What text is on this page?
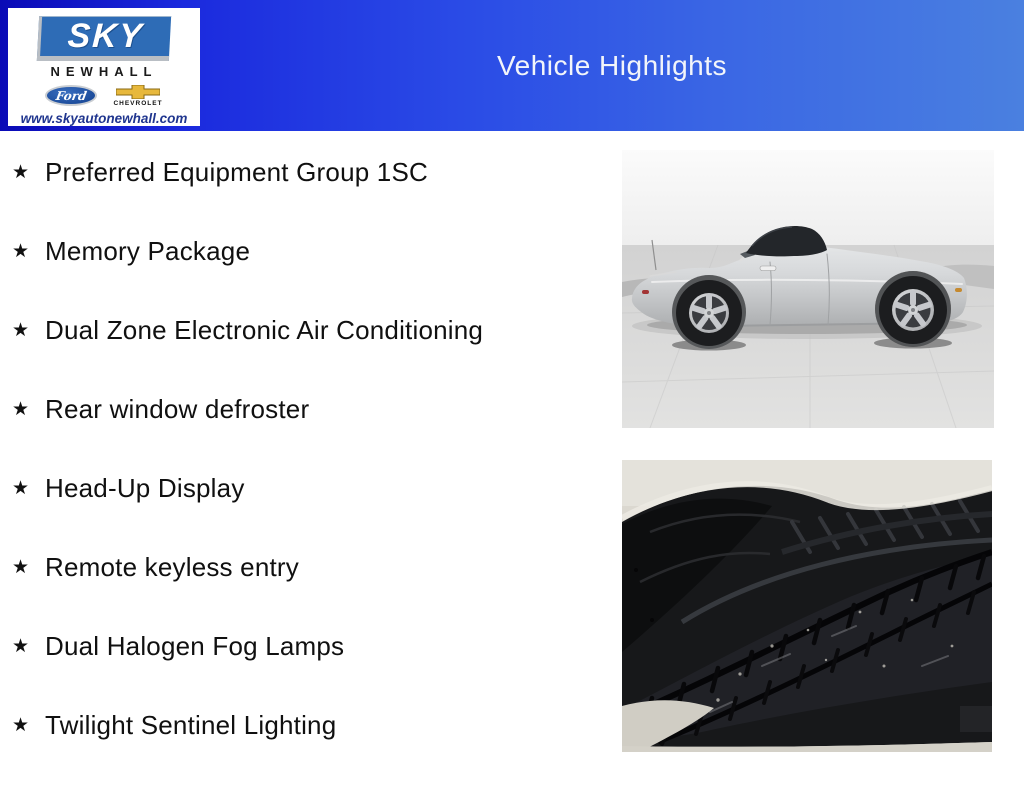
Vehicle Highlights
SKY
NEWHALL
Ford
CHEVROLET
www.skyautonewhall.com
★ Preferred Equipment Group 1SC
★ Memory Package
★ Dual Zone Electronic Air Conditioning
★ Rear window defroster
★ Head-Up Display
★ Remote keyless entry
★ Dual Halogen Fog Lamps
★ Twilight Sentinel Lighting
